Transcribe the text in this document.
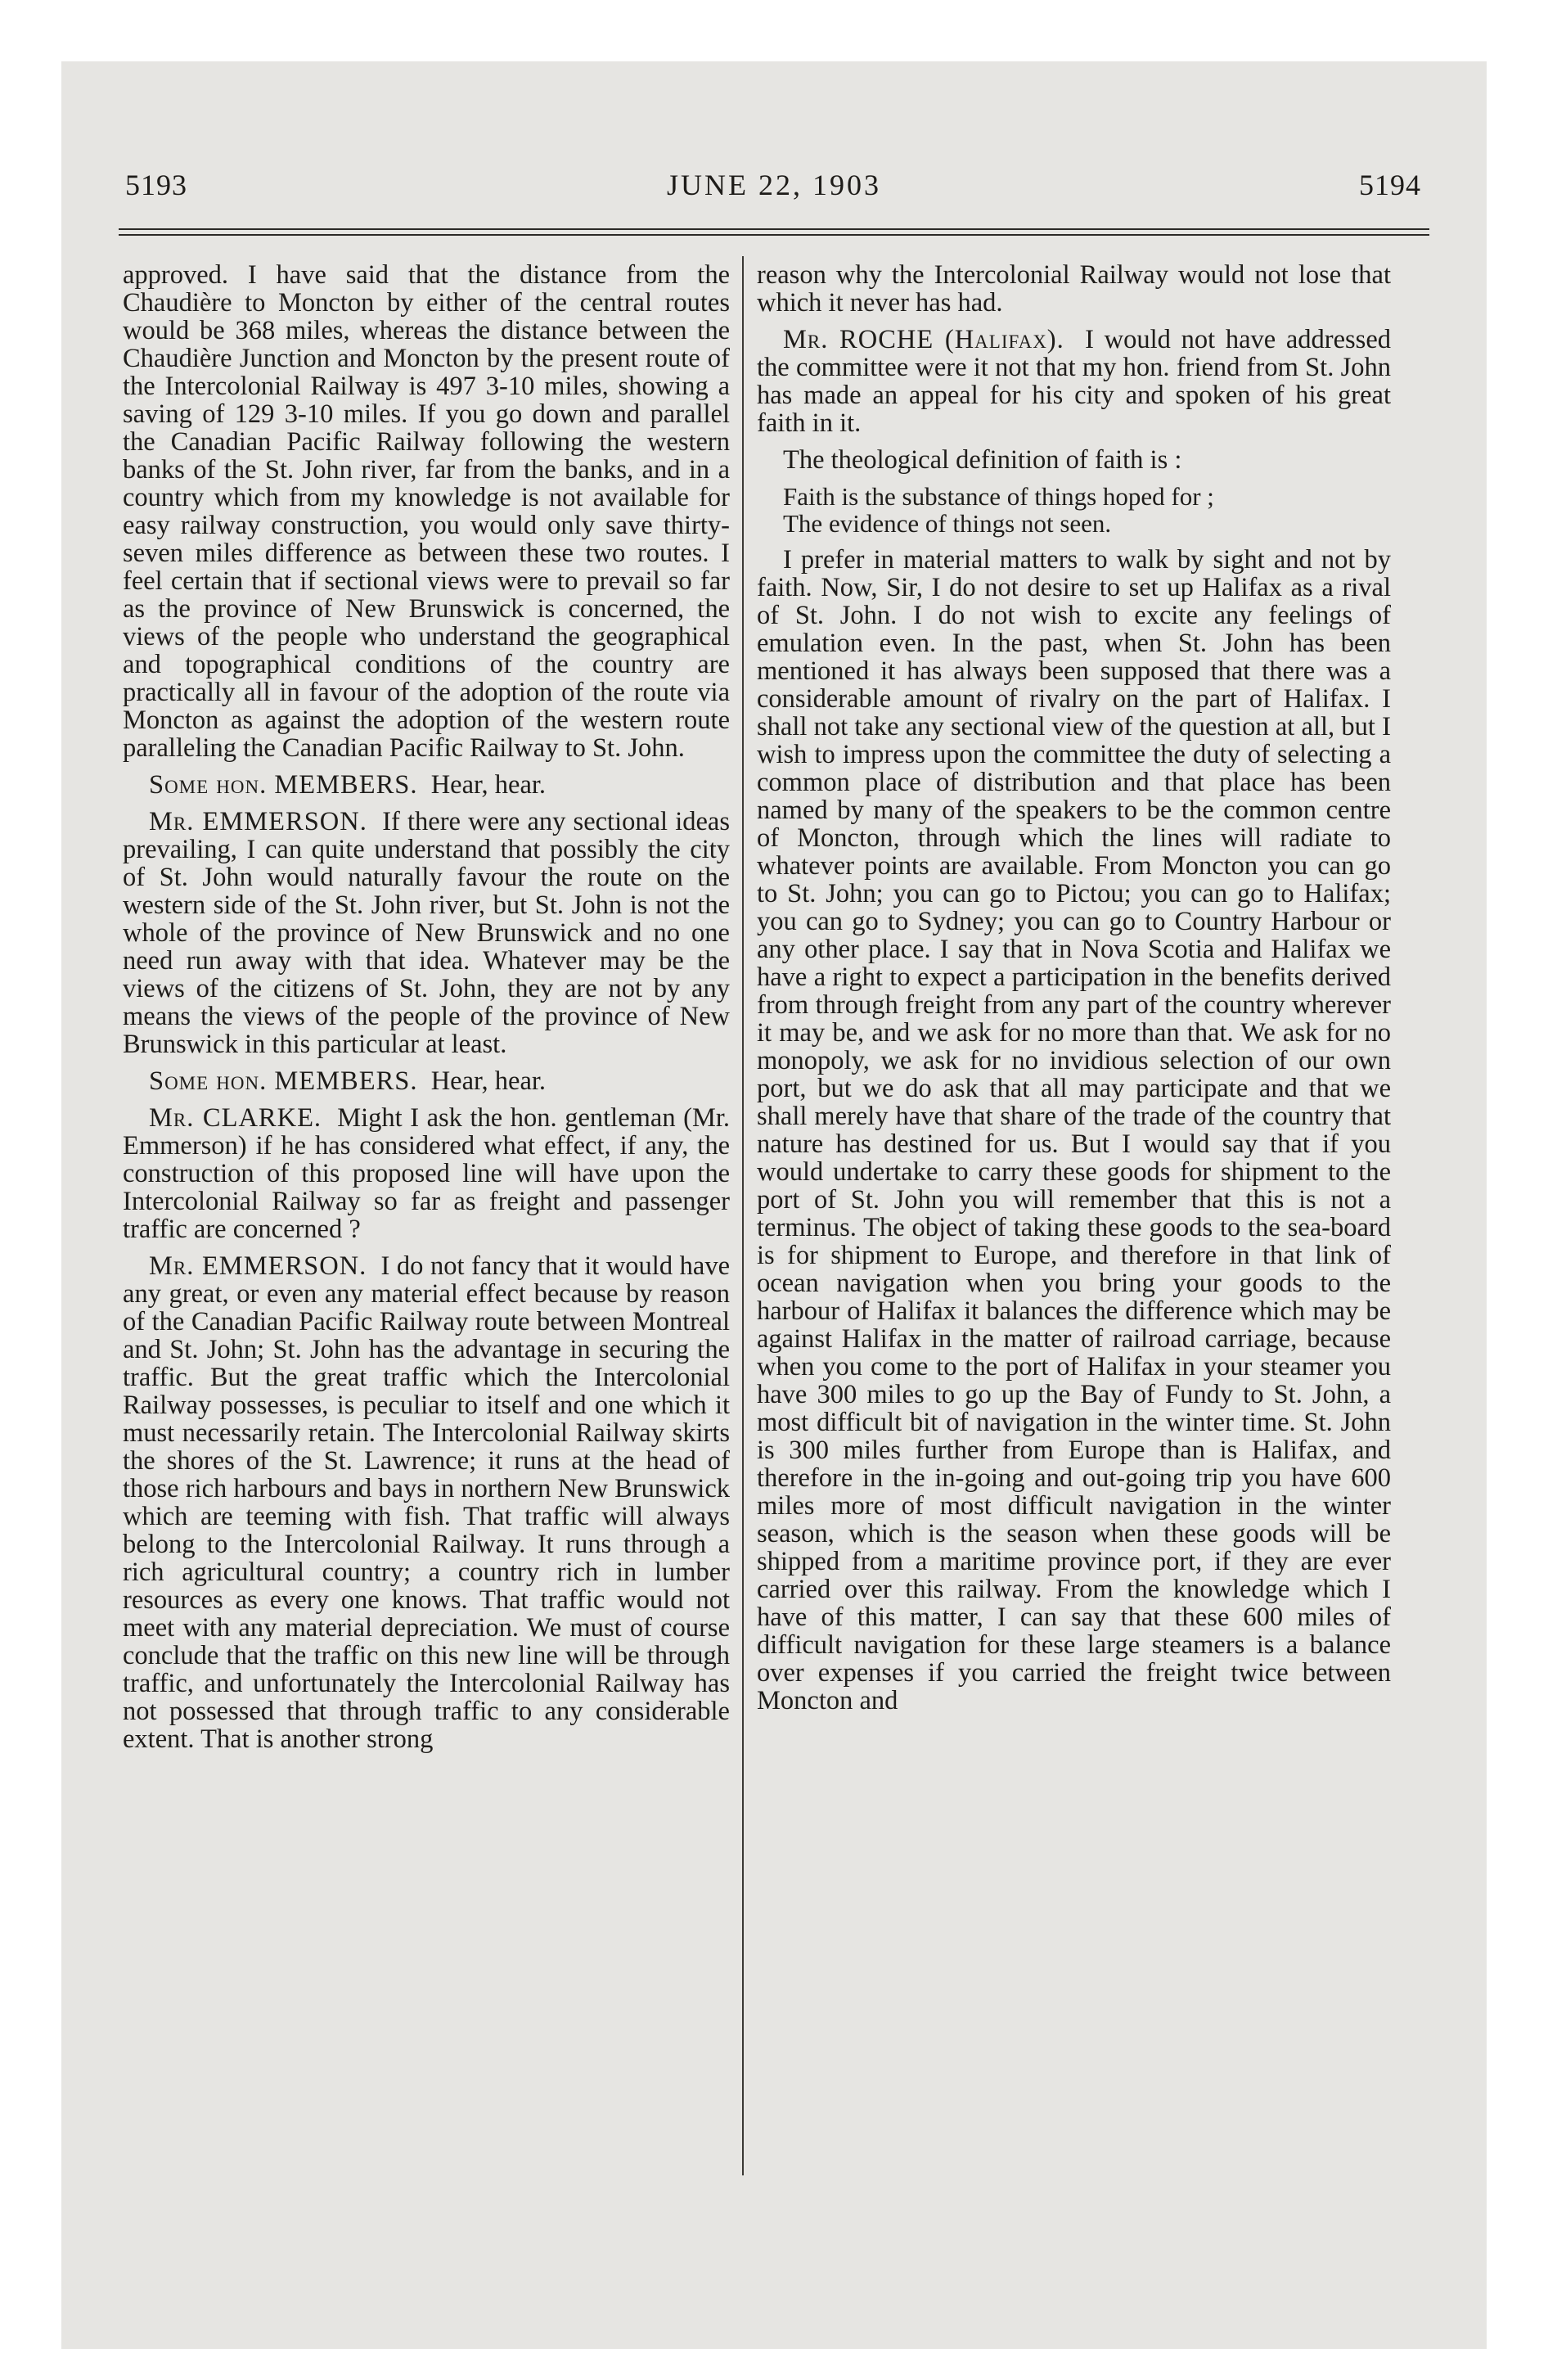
5193	JUNE 22, 1903	5194

approved. I have said that the distance from the Chaudière to Moncton by either of the central routes would be 368 miles, whereas the distance between the Chaudière Junction and Moncton by the present route of the Intercolonial Railway is 497 3-10 miles, showing a saving of 129 3-10 miles. If you go down and parallel the Canadian Pacific Railway following the western banks of the St. John river, far from the banks, and in a country which from my knowledge is not available for easy railway construction, you would only save thirty-seven miles difference as between these two routes. I feel certain that if sectional views were to prevail so far as the province of New Brunswick is concerned, the views of the people who understand the geographical and topographical conditions of the country are practically all in favour of the adoption of the route via Moncton as against the adoption of the western route paralleling the Canadian Pacific Railway to St. John.

Some hon. MEMBERS. Hear, hear.

Mr. EMMERSON. If there were any sectional ideas prevailing, I can quite understand that possibly the city of St. John would naturally favour the route on the western side of the St. John river, but St. John is not the whole of the province of New Brunswick and no one need run away with that idea. Whatever may be the views of the citizens of St. John, they are not by any means the views of the people of the province of New Brunswick in this particular at least.

Some hon. MEMBERS. Hear, hear.

Mr. CLARKE. Might I ask the hon. gentleman (Mr. Emmerson) if he has considered what effect, if any, the construction of this proposed line will have upon the Intercolonial Railway so far as freight and passenger traffic are concerned ?

Mr. EMMERSON. I do not fancy that it would have any great, or even any material effect because by reason of the Canadian Pacific Railway route between Montreal and St. John; St. John has the advantage in securing the traffic. But the great traffic which the Intercolonial Railway possesses, is peculiar to itself and one which it must necessarily retain. The Intercolonial Railway skirts the shores of the St. Lawrence; it runs at the head of those rich harbours and bays in northern New Brunswick which are teeming with fish. That traffic will always belong to the Intercolonial Railway. It runs through a rich agricultural country; a country rich in lumber resources as every one knows. That traffic would not meet with any material depreciation. We must of course conclude that the traffic on this new line will be through traffic, and unfortunately the Intercolonial Railway has not possessed that through traffic to any considerable extent. That is another strong

reason why the Intercolonial Railway would not lose that which it never has had.

Mr. ROCHE (Halifax). I would not have addressed the committee were it not that my hon. friend from St. John has made an appeal for his city and spoken of his great faith in it.

The theological definition of faith is :

Faith is the substance of things hoped for ;
The evidence of things not seen.

I prefer in material matters to walk by sight and not by faith. Now, Sir, I do not desire to set up Halifax as a rival of St. John. I do not wish to excite any feelings of emulation even. In the past, when St. John has been mentioned it has always been supposed that there was a considerable amount of rivalry on the part of Halifax. I shall not take any sectional view of the question at all, but I wish to impress upon the committee the duty of selecting a common place of distribution and that place has been named by many of the speakers to be the common centre of Moncton, through which the lines will radiate to whatever points are available. From Moncton you can go to St. John; you can go to Pictou; you can go to Halifax; you can go to Sydney; you can go to Country Harbour or any other place. I say that in Nova Scotia and Halifax we have a right to expect a participation in the benefits derived from through freight from any part of the country wherever it may be, and we ask for no more than that. We ask for no monopoly, we ask for no invidious selection of our own port, but we do ask that all may participate and that we shall merely have that share of the trade of the country that nature has destined for us. But I would say that if you would undertake to carry these goods for shipment to the port of St. John you will remember that this is not a terminus. The object of taking these goods to the sea-board is for shipment to Europe, and therefore in that link of ocean navigation when you bring your goods to the harbour of Halifax it balances the difference which may be against Halifax in the matter of railroad carriage, because when you come to the port of Halifax in your steamer you have 300 miles to go up the Bay of Fundy to St. John, a most difficult bit of navigation in the winter time. St. John is 300 miles further from Europe than is Halifax, and therefore in the in-going and out-going trip you have 600 miles more of most difficult navigation in the winter season, which is the season when these goods will be shipped from a maritime province port, if they are ever carried over this railway. From the knowledge which I have of this matter, I can say that these 600 miles of difficult navigation for these large steamers is a balance over expenses if you carried the freight twice between Moncton and
